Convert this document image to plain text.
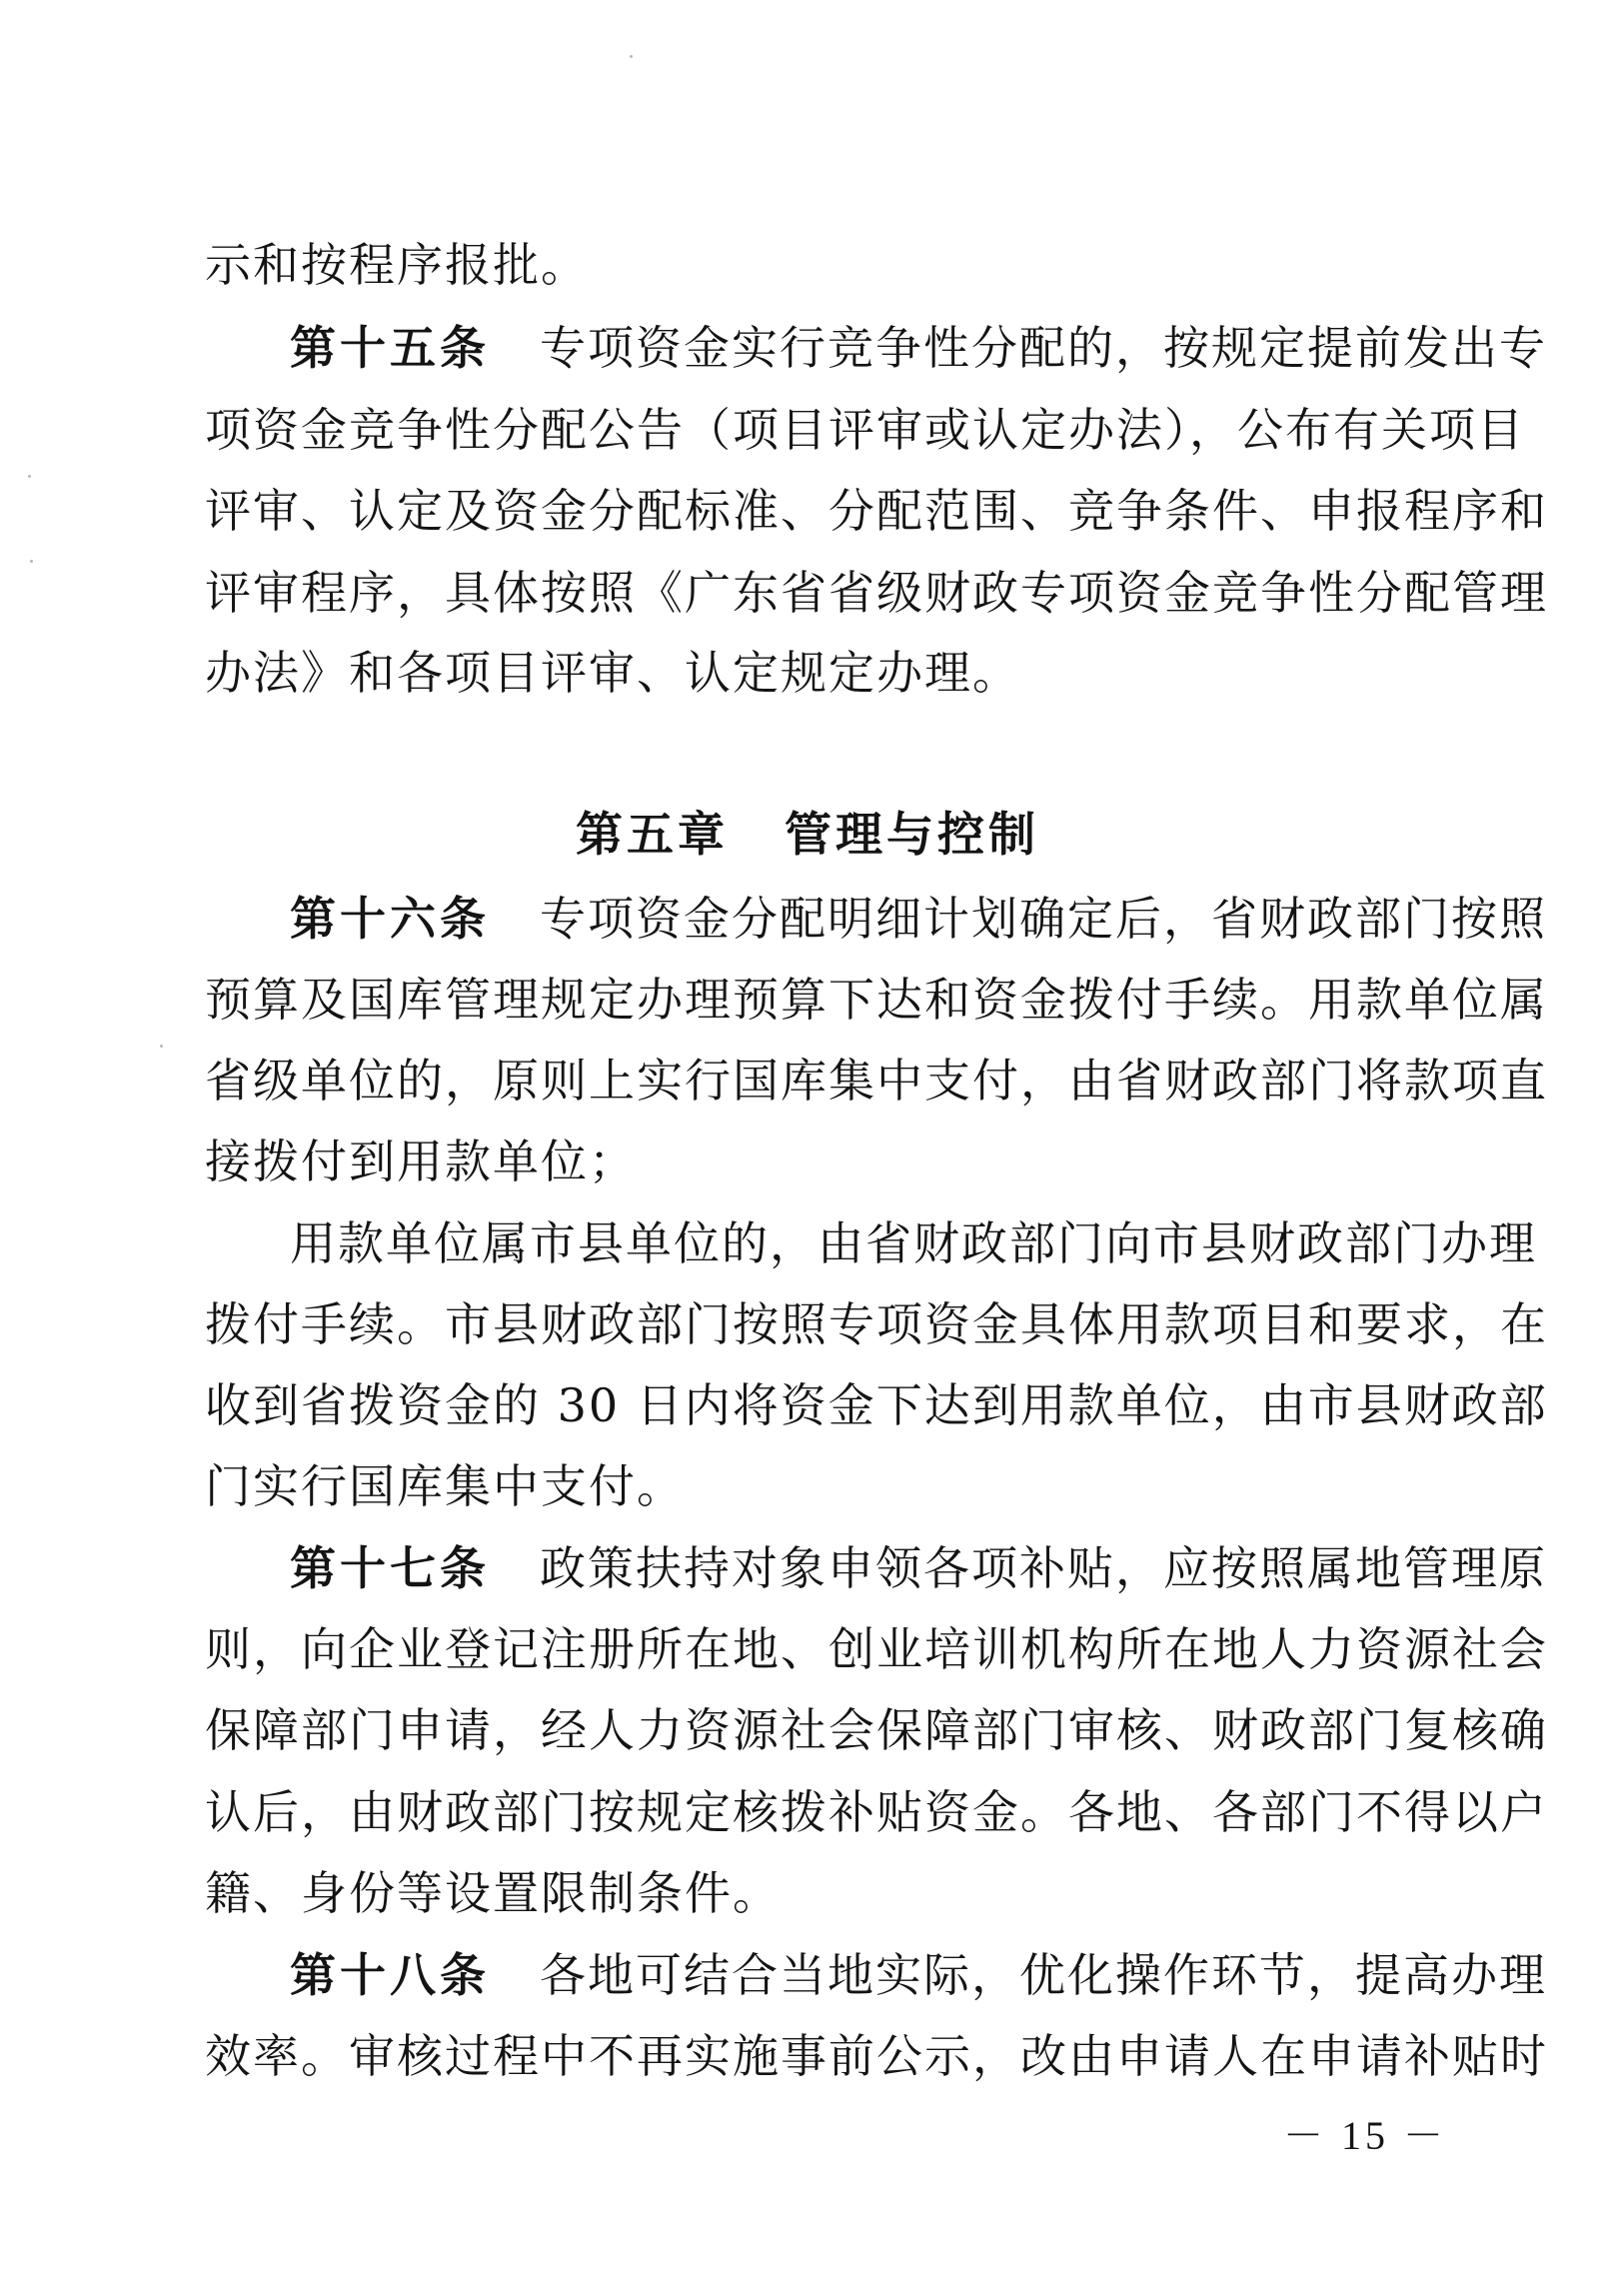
示和按程序报批。
第十五条 专项资金实行竞争性分配的，按规定提前发出专
项资金竞争性分配公告（项目评审或认定办法），公布有关项目
评审、认定及资金分配标准、分配范围、竞争条件、申报程序和
评审程序，具体按照《广东省省级财政专项资金竞争性分配管理
办法》和各项目评审、认定规定办理。
第五章 管理与控制
第十六条 专项资金分配明细计划确定后，省财政部门按照
预算及国库管理规定办理预算下达和资金拨付手续。用款单位属
省级单位的，原则上实行国库集中支付，由省财政部门将款项直
接拨付到用款单位；
用款单位属市县单位的，由省财政部门向市县财政部门办理
拨付手续。市县财政部门按照专项资金具体用款项目和要求，在
收到省拨资金的 30 日内将资金下达到用款单位，由市县财政部
门实行国库集中支付。
第十七条 政策扶持对象申领各项补贴，应按照属地管理原
则，向企业登记注册所在地、创业培训机构所在地人力资源社会
保障部门申请，经人力资源社会保障部门审核、财政部门复核确
认后，由财政部门按规定核拨补贴资金。各地、各部门不得以户
籍、身份等设置限制条件。
第十八条 各地可结合当地实际，优化操作环节，提高办理
效率。审核过程中不再实施事前公示，改由申请人在申请补贴时
－ 15 －
